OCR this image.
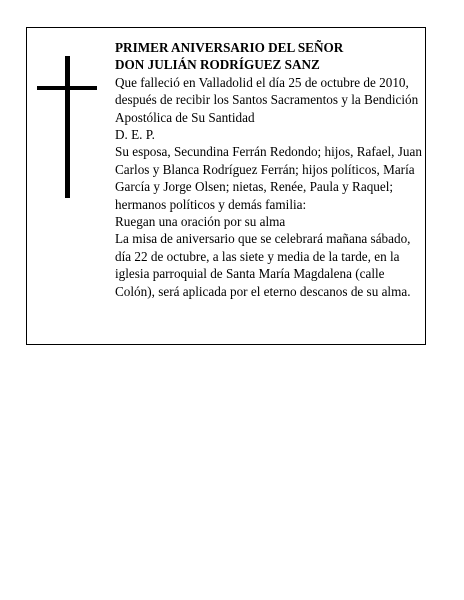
PRIMER ANIVERSARIO DEL SEÑOR
DON JULIÁN RODRÍGUEZ SANZ
Que falleció en Valladolid el día 25 de octubre de 2010, después de recibir los Santos Sacramentos y la Bendición Apostólica de Su Santidad
D. E. P.
Su esposa, Secundina Ferrán Redondo; hijos, Rafael, Juan Carlos y Blanca Rodríguez Ferrán; hijos políticos, María García y Jorge Olsen; nietas, Renée, Paula y Raquel; hermanos políticos y demás familia:
Ruegan una oración por su alma
La misa de aniversario que se celebrará mañana sábado, día 22 de octubre, a las siete y media de la tarde, en la iglesia parroquial de Santa María Magdalena (calle Colón), será aplicada por el eterno descanos de su alma.
